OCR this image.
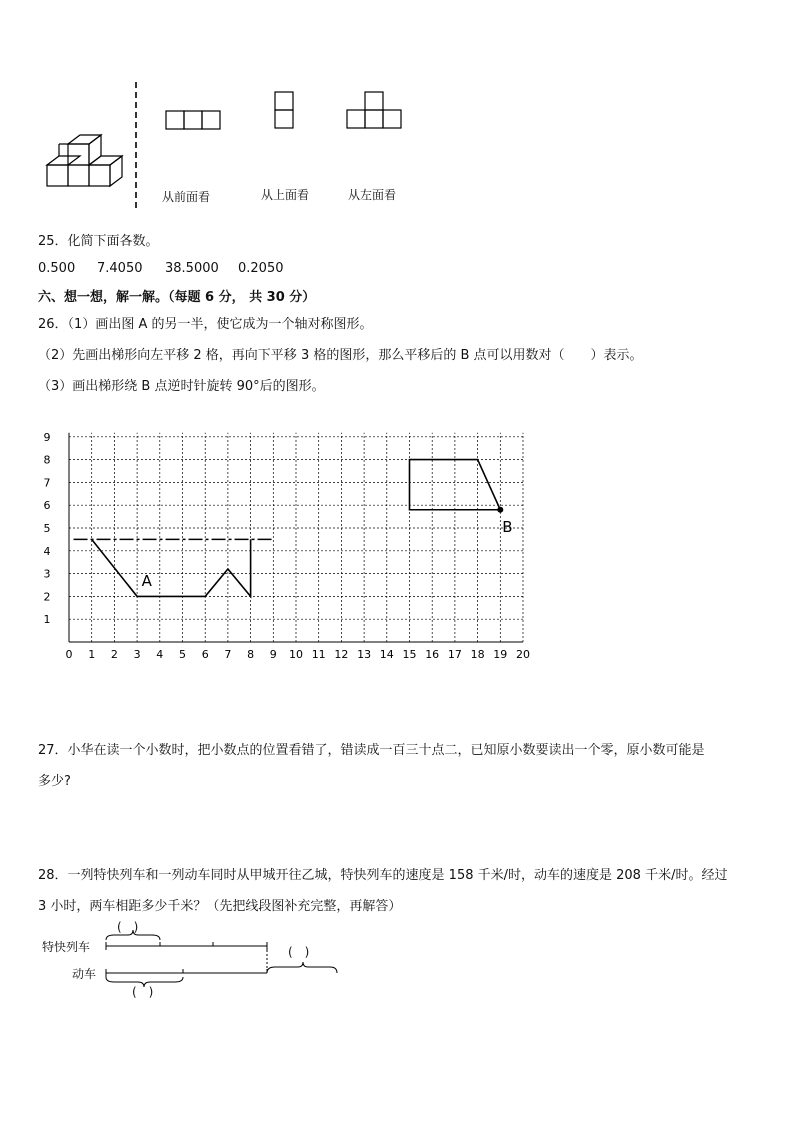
从前面看	从上面看	从左面看
25．化简下面各数。
0.500 7.4050 38.5000 0.2050
六、想一想，解一解。（每题 6 分， 共 30 分）
26．（1）画出图 A 的另一半，使它成为一个轴对称图形。
（2）先画出梯形向左平移 2 格，再向下平移 3 格的图形，那么平移后的 B 点可以用数对（　　）表示。
（3）画出梯形绕 B 点逆时针旋转 90°后的图形。
0 1 2 3 4 5 6 7 8 9 10 11 12 13 14 15 16 17 18 19 20
1
2
3
4
5
6
7
8
9
A
B
27．小华在读一个小数时，把小数点的位置看错了，错读成一百三十点二，已知原小数要读出一个零，原小数可能是
多少?
28．一列特快列车和一列动车同时从甲城开往乙城，特快列车的速度是 158 千米/时，动车的速度是 208 千米/时。经过
3 小时，两车相距多少千米？（先把线段图补充完整，再解答）
特快列车
动车
(　)
(　)
(　)
